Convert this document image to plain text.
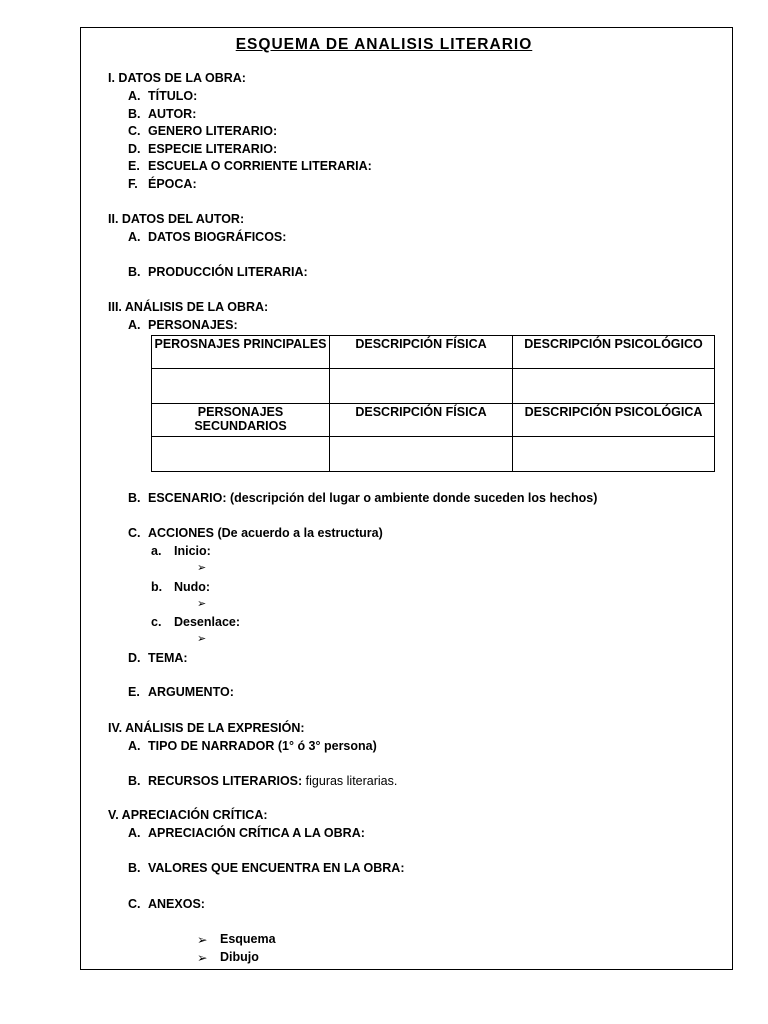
ESQUEMA DE ANALISIS LITERARIO
I. DATOS DE LA OBRA:
A. TÍTULO:
B. AUTOR:
C. GENERO LITERARIO:
D. ESPECIE LITERARIO:
E. ESCUELA O CORRIENTE LITERARIA:
F. ÉPOCA:
II. DATOS DEL AUTOR:
A. DATOS BIOGRÁFICOS:
B. PRODUCCIÓN LITERARIA:
III. ANÁLISIS DE LA OBRA:
A. PERSONAJES:
PEROSNAJES PRINCIPALES	DESCRIPCIÓN FÍSICA	DESCRIPCIÓN PSICOLÓGICO

PERSONAJES SECUNDARIOS	DESCRIPCIÓN FÍSICA	DESCRIPCIÓN PSICOLÓGICA

B. ESCENARIO: (descripción del lugar o ambiente donde suceden los hechos)
C. ACCIONES (De acuerdo a la estructura)
a. Inicio:
➢
b. Nudo:
➢
c. Desenlace:
➢
D. TEMA:
E. ARGUMENTO:
IV. ANÁLISIS DE LA EXPRESIÓN:
A. TIPO DE NARRADOR (1° ó 3° persona)
B. RECURSOS LITERARIOS: figuras literarias.
V. APRECIACIÓN CRÍTICA:
A. APRECIACIÓN CRÍTICA A LA OBRA:
B. VALORES QUE ENCUENTRA EN LA OBRA:
C. ANEXOS:
➢ Esquema
➢ Dibujo
